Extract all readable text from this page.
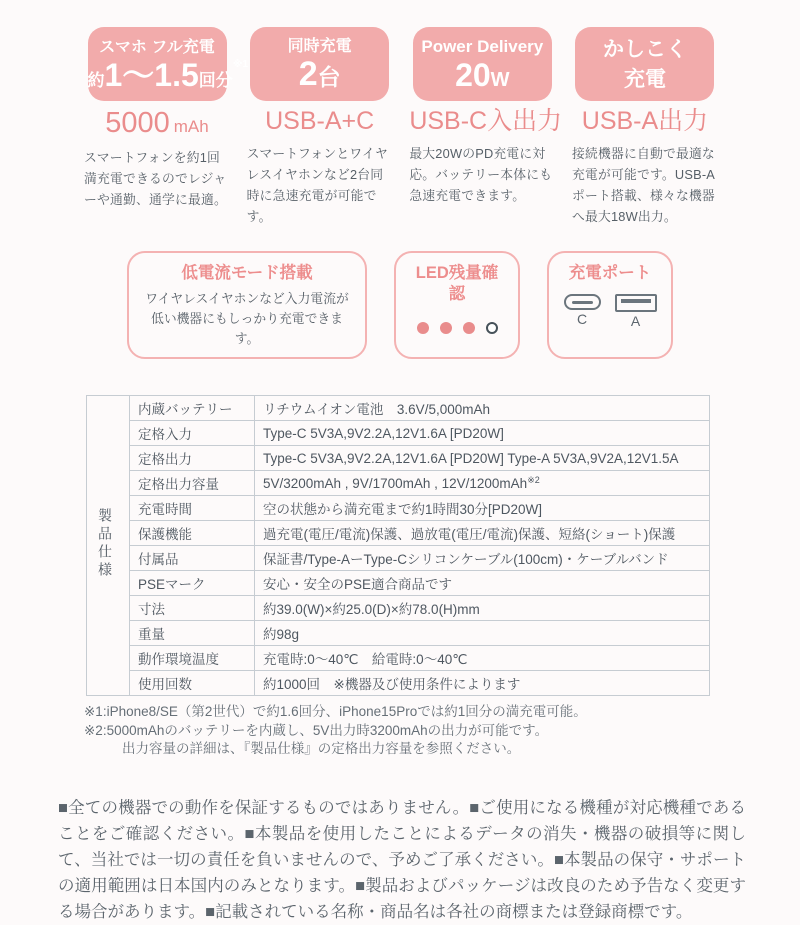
スマホ フル充電
約1～1.5回分$^{※1}$
5000 mAh

スマートフォンを約1回満充電できるのでレジャーや通勤、通学に最適。

同時充電
2台
USB-A+C

スマートフォンとワイヤレスイヤホンなど2台同時に急速充電が可能です。

Power Delivery
20W
USB-C入出力

最大20WのPD充電に対応。バッテリー本体にも急速充電できます。

かしこく
充電
USB-A出力

接続機器に自動で最適な充電が可能です。USB-Aポート搭載、様々な機器へ最大18W出力。

低電流モード搭載

ワイヤレスイヤホンなど入力電流が低い機器にもしっかり充電できます。

LED残量確認
充電ポート
C	A
製品仕様	内蔵バッテリー	リチウムイオン電池　3.6V/5,000mAh
	定格入力	Type-C 5V3A,9V2.2A,12V1.6A [PD20W]
	定格出力	Type-C 5V3A,9V2.2A,12V1.6A [PD20W] Type-A 5V3A,9V2A,12V1.5A
	定格出力容量	5V/3200mAh , 9V/1700mAh , 12V/1200mAh$^{※2}$
	充電時間	空の状態から満充電まで約1時間30分[PD20W]
	保護機能	過充電(電圧/電流)保護、過放電(電圧/電流)保護、短絡(ショート)保護
	付属品	保証書/Type-AーType-Cシリコンケーブル(100cm)・ケーブルバンド
	PSEマーク	安心・安全のPSE適合商品です
	寸法	約39.0(W)×約25.0(D)×約78.0(H)mm
	重量	約98g
	動作環境温度	充電時:0～40℃　給電時:0～40℃
	使用回数	約1000回　※機器及び使用条件によります

※1:iPhone8/SE（第2世代）で約1.6回分、iPhone15Proでは約1回分の満充電可能。

※2:5000mAhのバッテリーを内蔵し、5V出力時3200mAhの出力が可能です。

出力容量の詳細は、『製品仕様』の定格出力容量を参照ください。

■全ての機器での動作を保証するものではありません。■ご使用になる機種が対応機種であることをご確認ください。■本製品を使用したことによるデータの消失・機器の破損等に関して、当社では一切の責任を負いませんので、予めご了承ください。■本製品の保守・サポートの適用範囲は日本国内のみとなります。■製品およびパッケージは改良のため予告なく変更する場合があります。■記載されている名称・商品名は各社の商標または登録商標です。
